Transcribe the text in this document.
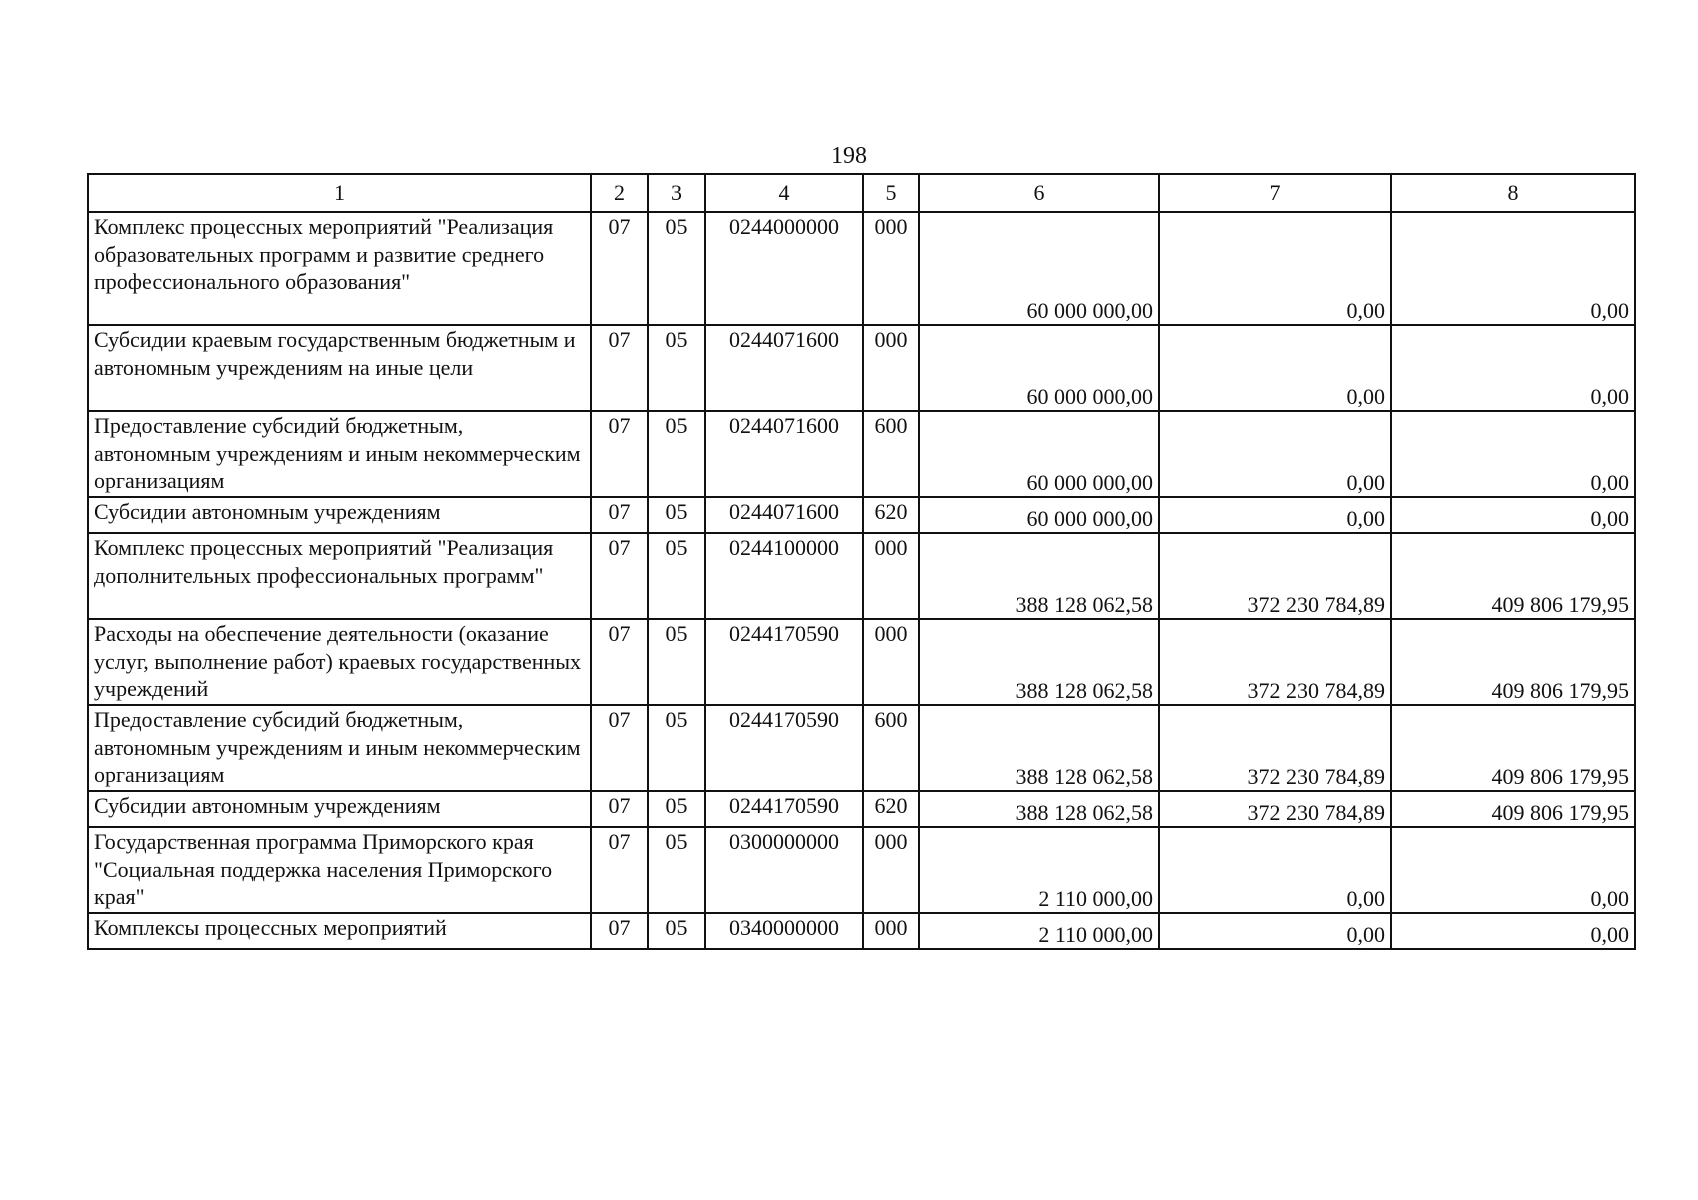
198
1	2	3	4	5	6	7	8
Комплекс процессных мероприятий "Реализация образовательных программ и развитие среднего профессионального образования"	07	05	0244000000	000	60 000 000,00	0,00	0,00
Субсидии краевым государственным бюджетным и автономным учреждениям на иные цели	07	05	0244071600	000	60 000 000,00	0,00	0,00
Предоставление субсидий бюджетным, автономным учреждениям и иным некоммерческим организациям	07	05	0244071600	600	60 000 000,00	0,00	0,00
Субсидии автономным учреждениям	07	05	0244071600	620	60 000 000,00	0,00	0,00
Комплекс процессных мероприятий "Реализация дополнительных профессиональных программ"	07	05	0244100000	000	388 128 062,58	372 230 784,89	409 806 179,95
Расходы на обеспечение деятельности (оказание услуг, выполнение работ) краевых государственных учреждений	07	05	0244170590	000	388 128 062,58	372 230 784,89	409 806 179,95
Предоставление субсидий бюджетным, автономным учреждениям и иным некоммерческим организациям	07	05	0244170590	600	388 128 062,58	372 230 784,89	409 806 179,95
Субсидии автономным учреждениям	07	05	0244170590	620	388 128 062,58	372 230 784,89	409 806 179,95
Государственная программа Приморского края "Социальная поддержка населения Приморского края"	07	05	0300000000	000	2 110 000,00	0,00	0,00
Комплексы процессных мероприятий	07	05	0340000000	000	2 110 000,00	0,00	0,00
